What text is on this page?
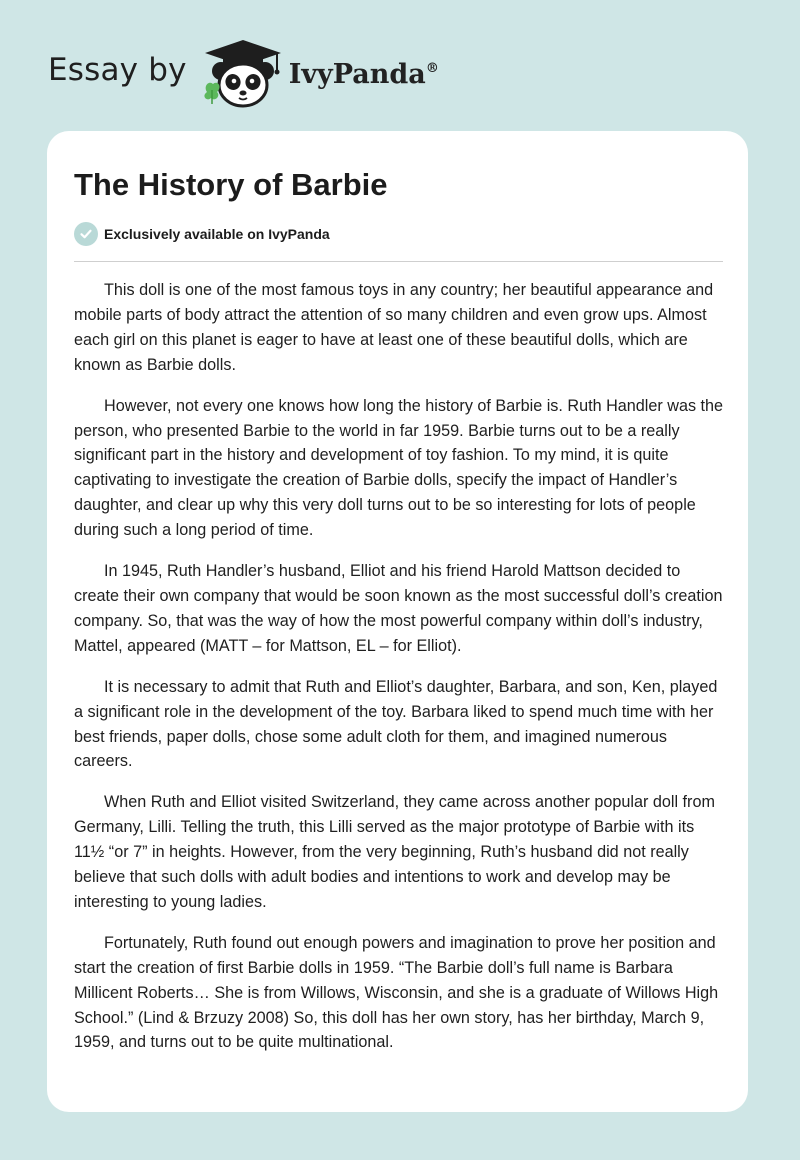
Essay by	IvyPanda®
The History of Barbie
Exclusively available on IvyPanda

This doll is one of the most famous toys in any country; her beautiful appearance and mobile parts of body attract the attention of so many children and even grow ups. Almost each girl on this planet is eager to have at least one of these beautiful dolls, which are known as Barbie dolls.

However, not every one knows how long the history of Barbie is. Ruth Handler was the person, who presented Barbie to the world in far 1959. Barbie turns out to be a really significant part in the history and development of toy fashion. To my mind, it is quite captivating to investigate the creation of Barbie dolls, specify the impact of Handler’s daughter, and clear up why this very doll turns out to be so interesting for lots of people during such a long period of time.

In 1945, Ruth Handler’s husband, Elliot and his friend Harold Mattson decided to create their own company that would be soon known as the most successful doll’s creation company. So, that was the way of how the most powerful company within doll’s industry, Mattel, appeared (MATT – for Mattson, EL – for Elliot).

It is necessary to admit that Ruth and Elliot’s daughter, Barbara, and son, Ken, played a significant role in the development of the toy. Barbara liked to spend much time with her best friends, paper dolls, chose some adult cloth for them, and imagined numerous careers.

When Ruth and Elliot visited Switzerland, they came across another popular doll from Germany, Lilli. Telling the truth, this Lilli served as the major prototype of Barbie with its 11½ “or 7” in heights. However, from the very beginning, Ruth’s husband did not really believe that such dolls with adult bodies and intentions to work and develop may be interesting to young ladies.

Fortunately, Ruth found out enough powers and imagination to prove her position and start the creation of first Barbie dolls in 1959. “The Barbie doll’s full name is Barbara Millicent Roberts… She is from Willows, Wisconsin, and she is a graduate of Willows High School.” (Lind & Brzuzy 2008) So, this doll has her own story, has her birthday, March 9, 1959, and turns out to be quite multinational.
